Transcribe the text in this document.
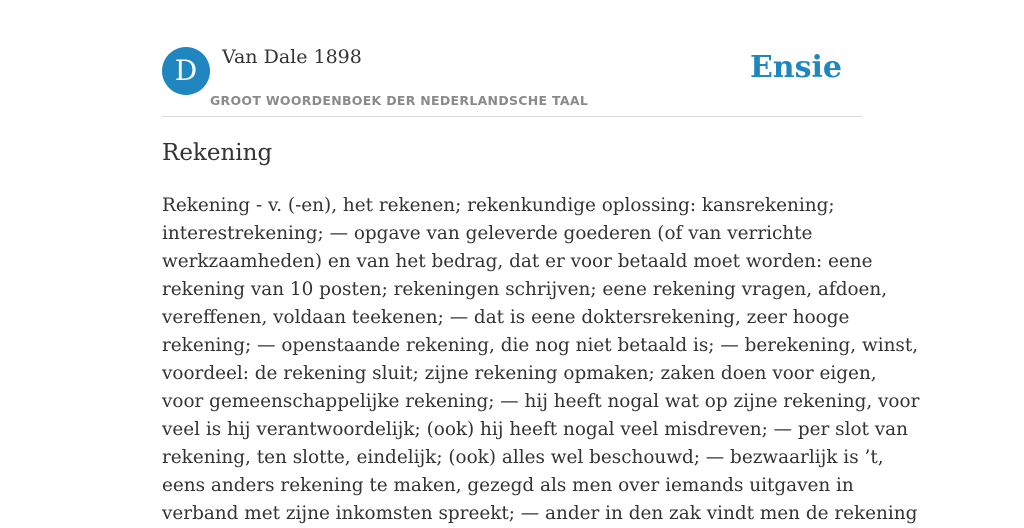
D	Van Dale 1898
GROOT WOORDENBOEK DER NEDERLANDSCHE TAAL
Ensie
Rekening
Rekening - v. (-en), het rekenen; rekenkundige oplossing: kansrekening;
interestrekening; — opgave van geleverde goederen (of van verrichte
werkzaamheden) en van het bedrag, dat er voor betaald moet worden: eene
rekening van 10 posten; rekeningen schrijven; eene rekening vragen, afdoen,
vereffenen, voldaan teekenen; — dat is eene doktersrekening, zeer hooge
rekening; — openstaande rekening, die nog niet betaald is; — berekening, winst,
voordeel: de rekening sluit; zijne rekening opmaken; zaken doen voor eigen,
voor gemeenschappelijke rekening; — hij heeft nogal wat op zijne rekening, voor
veel is hij verantwoordelijk; (ook) hij heeft nogal veel misdreven; — per slot van
rekening, ten slotte, eindelijk; (ook) alles wel beschouwd; — bezwaarlijk is ’t,
eens anders rekening te maken, gezegd als men over iemands uitgaven in
verband met zijne inkomsten spreekt; — ander in den zak vindt men de rekening
